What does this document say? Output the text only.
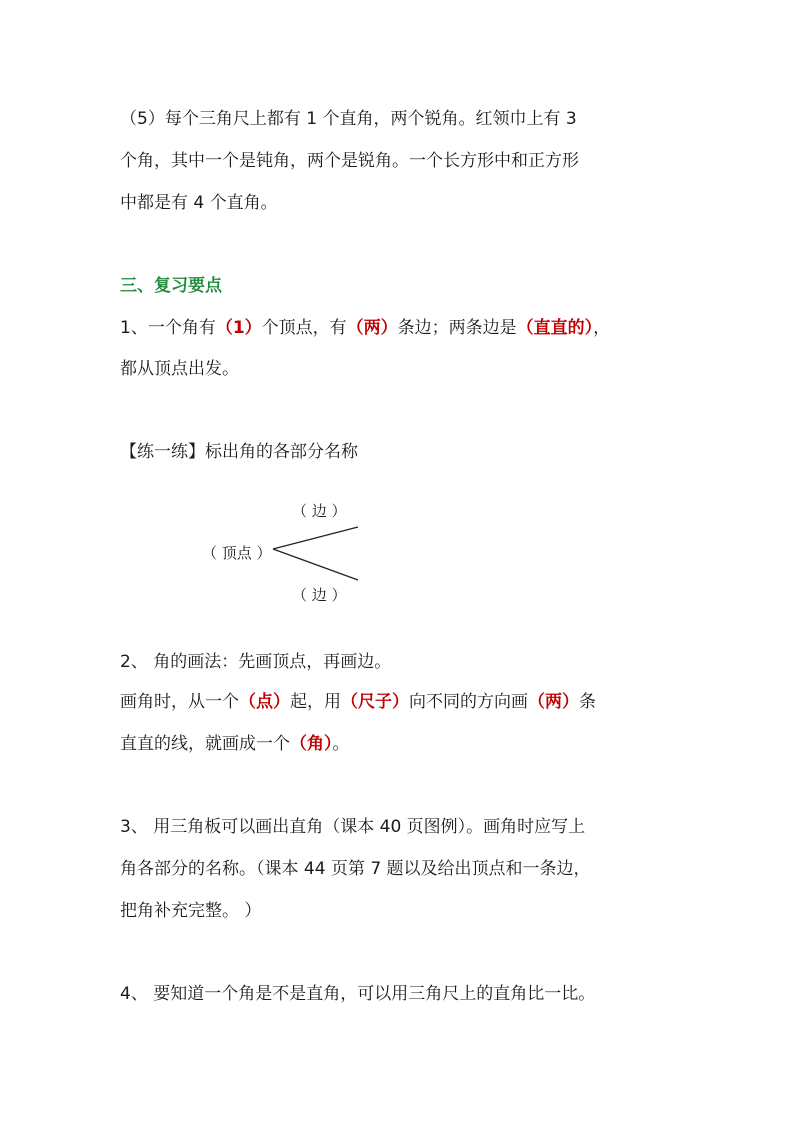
（5）每个三角尺上都有 1 个直角，两个锐角。红领巾上有 3
个角，其中一个是钝角，两个是锐角。一个长方形中和正方形
中都是有 4 个直角。
三、复习要点
1、一个角有（1）个顶点，有（两）条边；两条边是（直直的），
都从顶点出发。
【练一练】标出角的各部分名称
（ 边 ）
（ 顶点 ）
（ 边 ）
2、 角的画法：先画顶点，再画边。
画角时，从一个（点）起，用（尺子）向不同的方向画（两）条
直直的线，就画成一个（角）。
3、 用三角板可以画出直角（课本 40 页图例）。画角时应写上
角各部分的名称。（课本 44 页第 7 题以及给出顶点和一条边，
把角补充完整。 ）
4、 要知道一个角是不是直角，可以用三角尺上的直角比一比。
